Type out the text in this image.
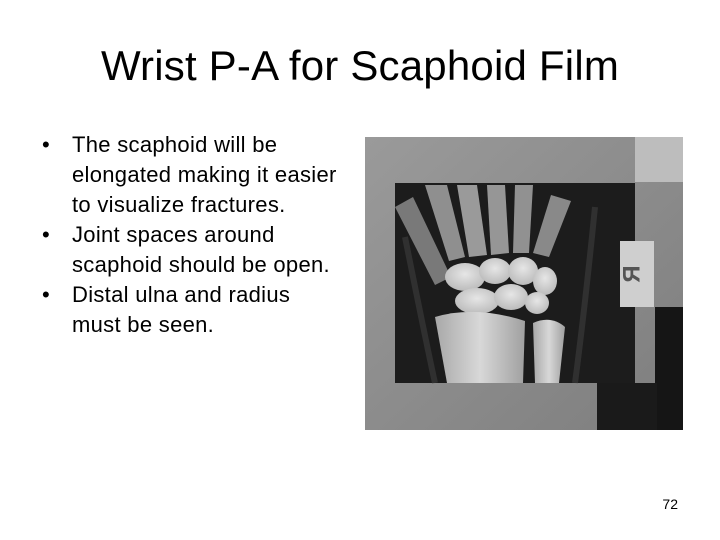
Wrist P-A for Scaphoid Film
• The scaphoid will be elongated making it easier to visualize fractures.
• Joint spaces around scaphoid should be open.
• Distal ulna and radius must be seen.
R
72
